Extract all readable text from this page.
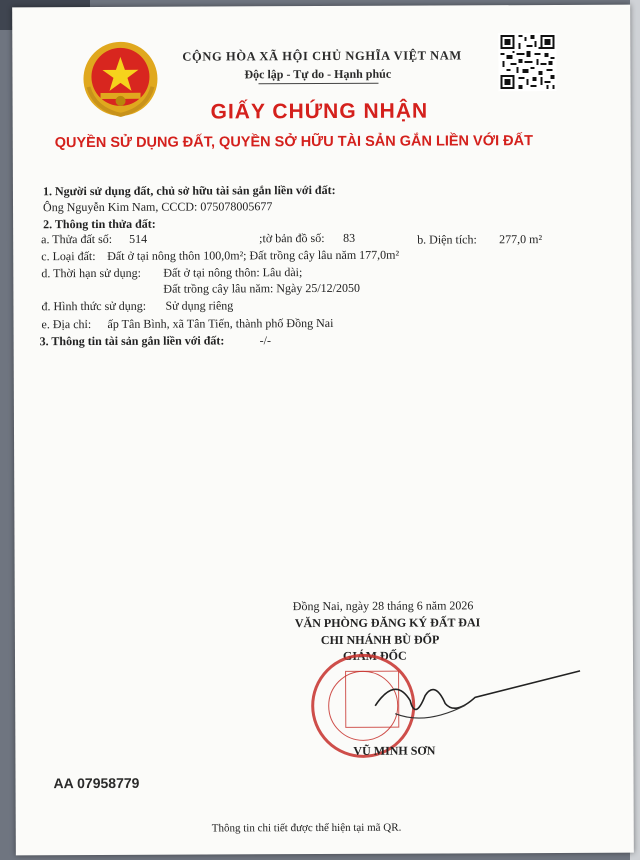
CỘNG HÒA XÃ HỘI CHỦ NGHĨA VIỆT NAM
Độc lập - Tự do - Hạnh phúc
GIẤY CHỨNG NHẬN
QUYỀN SỬ DỤNG ĐẤT, QUYỀN SỞ HỮU TÀI SẢN GẮN LIỀN VỚI ĐẤT
1. Người sử dụng đất, chủ sở hữu tài sản gắn liền với đất:
Ông Nguyễn Kim Nam, CCCD: 075078005677
2. Thông tin thửa đất:
a. Thửa đất số: 514	;tờ bản đồ số: 83	b. Diện tích: 277,0 m²
c. Loại đất: Đất ở tại nông thôn 100,0m²; Đất trồng cây lâu năm 177,0m²
d. Thời hạn sử dụng: Đất ở tại nông thôn: Lâu dài;
Đất trồng cây lâu năm: Ngày 25/12/2050
đ. Hình thức sử dụng: Sử dụng riêng
e. Địa chỉ: ấp Tân Bình, xã Tân Tiến, thành phố Đồng Nai
3. Thông tin tài sản gắn liền với đất:	-/-
Đồng Nai, ngày 28 tháng 6 năm 2026
VĂN PHÒNG ĐĂNG KÝ ĐẤT ĐAI
CHI NHÁNH BÙ ĐỐP
GIÁM ĐỐC
VŨ MINH SƠN
AA 07958779
Thông tin chi tiết được thể hiện tại mã QR.
